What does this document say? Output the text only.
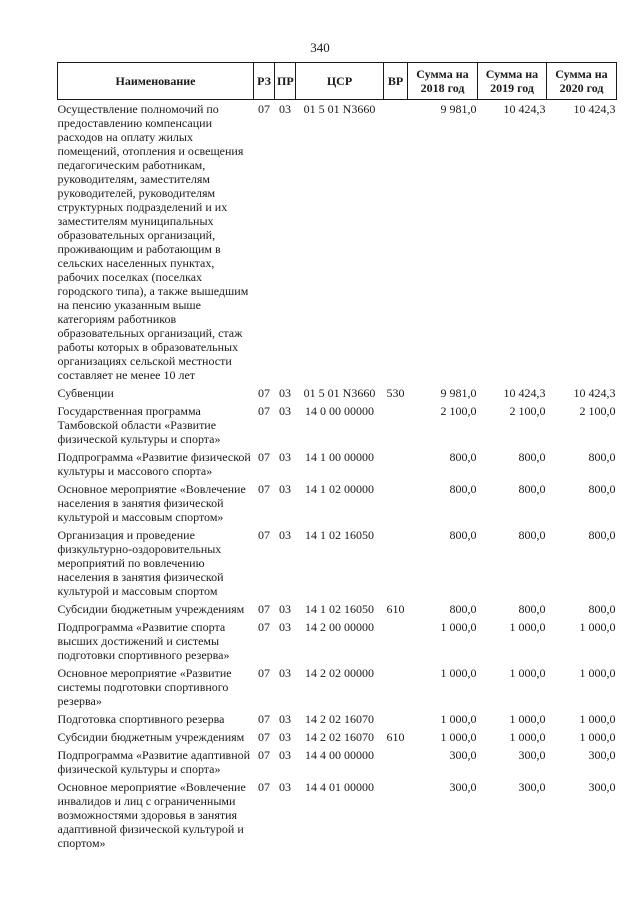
340
Наименование	РЗ	ПР	ЦСР	ВР	Сумма на 2018 год	Сумма на 2019 год	Сумма на 2020 год
Осуществление полномочий по предоставлению компенсации расходов на оплату жилых помещений, отопления и освещения педагогическим работникам, руководителям, заместителям руководителей, руководителям структурных подразделений и их заместителям муниципальных образовательных организаций, проживающим и работающим в сельских населенных пунктах, рабочих поселках (поселках городского типа), а также вышедшим на пенсию указанным выше категориям работников образовательных организаций, стаж работы которых в образовательных организациях сельской местности составляет не менее 10 лет	07	03	01 5 01 N3660		9 981,0	10 424,3	10 424,3
Субвенции	07	03	01 5 01 N3660	530	9 981,0	10 424,3	10 424,3
Государственная программа Тамбовской области «Развитие физической культуры и спорта»	07	03	14 0 00 00000		2 100,0	2 100,0	2 100,0
Подпрограмма «Развитие физической культуры и массового спорта»	07	03	14 1 00 00000		800,0	800,0	800,0
Основное мероприятие «Вовлечение населения в занятия физической культурой и массовым спортом»	07	03	14 1 02 00000		800,0	800,0	800,0
Организация и проведение физкультурно-оздоровительных мероприятий по вовлечению населения в занятия физической культурой и массовым спортом	07	03	14 1 02 16050		800,0	800,0	800,0
Субсидии бюджетным учреждениям	07	03	14 1 02 16050	610	800,0	800,0	800,0
Подпрограмма «Развитие спорта высших достижений и системы подготовки спортивного резерва»	07	03	14 2 00 00000		1 000,0	1 000,0	1 000,0
Основное мероприятие «Развитие системы подготовки спортивного резерва»	07	03	14 2 02 00000		1 000,0	1 000,0	1 000,0
Подготовка спортивного резерва	07	03	14 2 02 16070		1 000,0	1 000,0	1 000,0
Субсидии бюджетным учреждениям	07	03	14 2 02 16070	610	1 000,0	1 000,0	1 000,0
Подпрограмма «Развитие адаптивной физической культуры и спорта»	07	03	14 4 00 00000		300,0	300,0	300,0
Основное мероприятие «Вовлечение инвалидов и лиц с ограниченными возможностями здоровья в занятия адаптивной физической культурой и спортом»	07	03	14 4 01 00000		300,0	300,0	300,0
